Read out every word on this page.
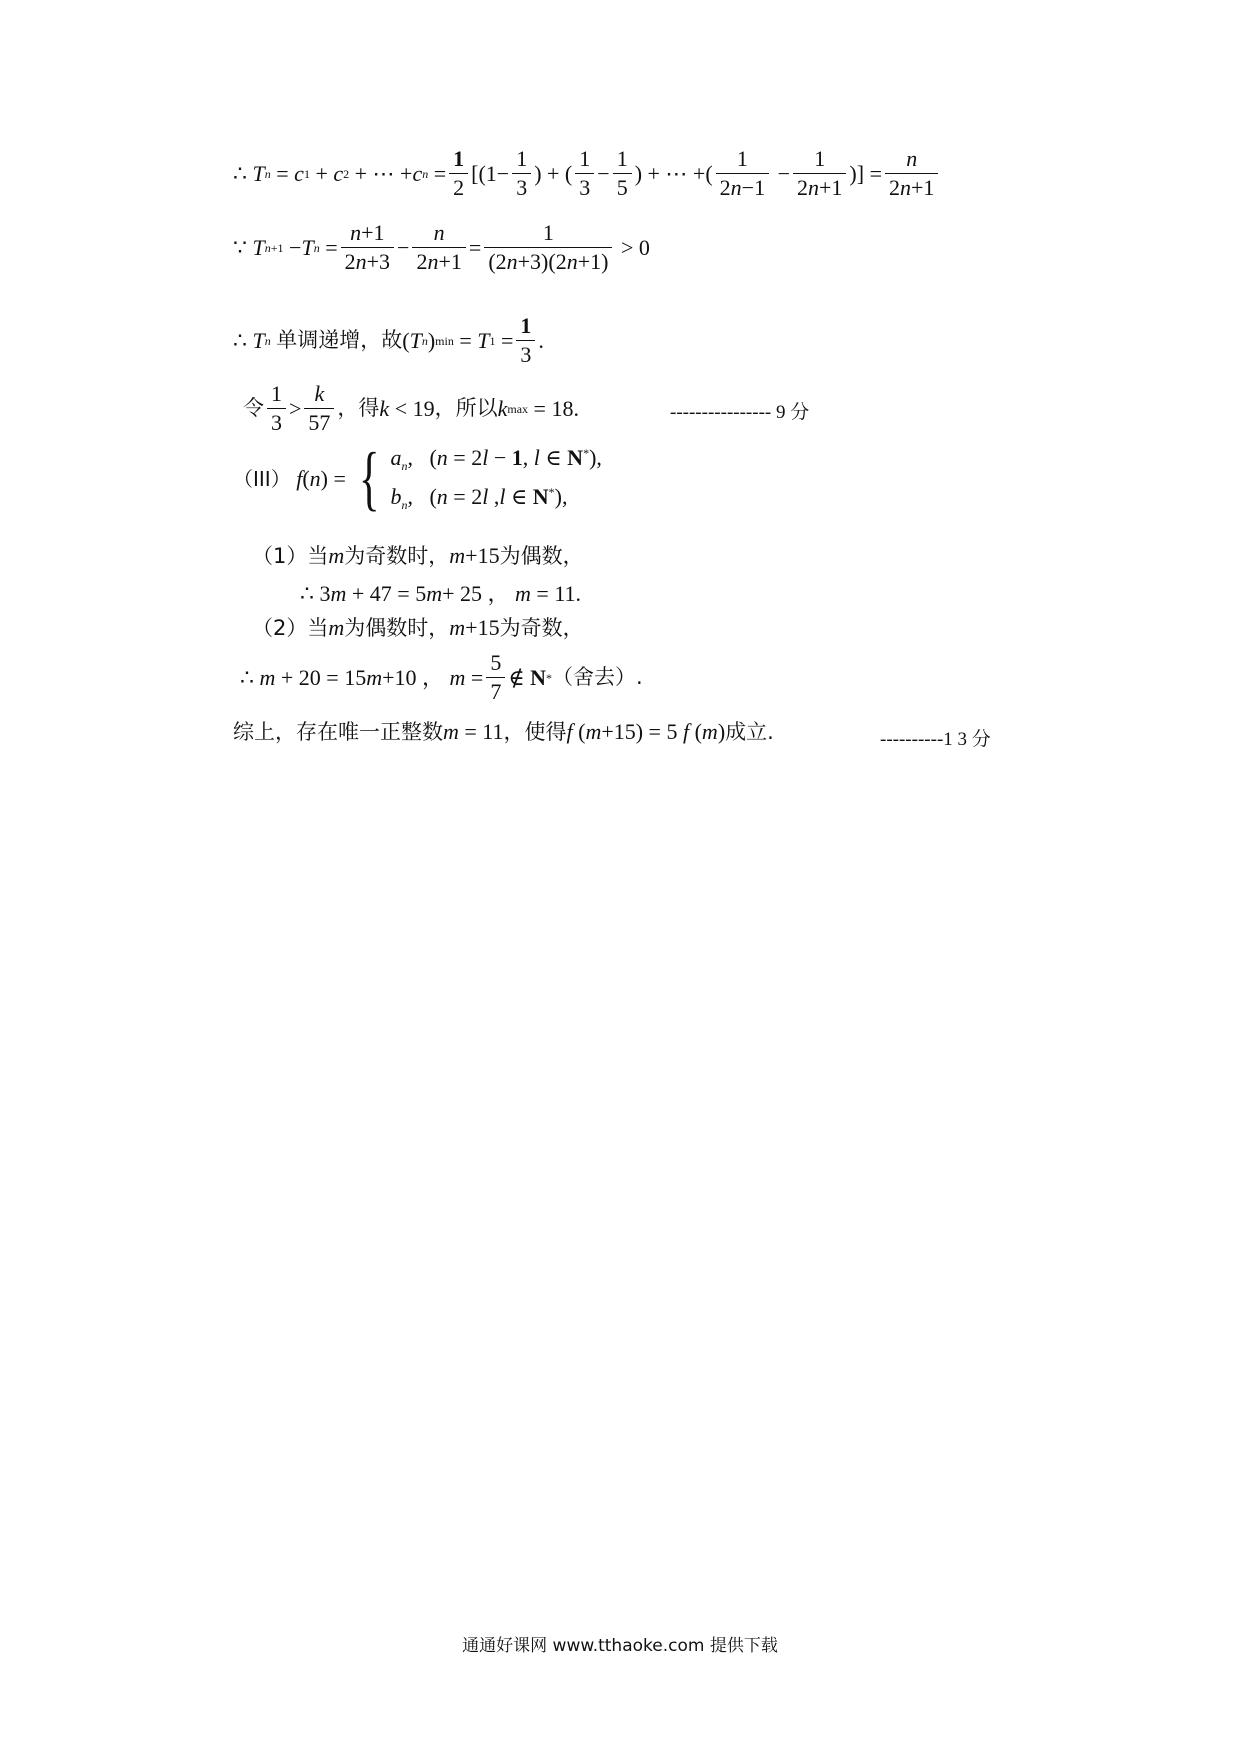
∴ T n = c 1 + c 2 + ⋯ + c $n = \frac{1}{2} [(1- \frac{1}{3}$ ) + ( $\frac{1}{3} - \frac{1}{5}$ ) + ⋯ +( $\frac{1}{2n-1} - \frac{1}{2n+1}$ )] = $\frac{n}{2n+1}$
∵ T n+1 − T $n = \frac{n+1}{2n+3} - \frac{n}{2n+1} = \frac{1}{(2n+3)(2n+1)} > 0$
∴ T n
单调递增，故 ( T n ) min = T $1 = \frac{1}{3}$ .
令 $\frac{1}{3} > \frac{k}{57}$ ，得 k < 19 ，所以 k max = 18.	---------------- 9 分
（III） f ( n ) = { $a_n$,   (n = 2l − 1, l ∈ N*),
$b_n$,   (n = 2l ,l ∈ N*),
（1）当 m 为奇数时， m +15 为偶数，
∴ 3 m + 47 = 5 m + 25 ， m = 11.
（2）当 m 为偶数时， m +15 为奇数，
∴
m + 20 = 15 m +10 ， $m = \frac{5}{7}$ ∉ N * （舍去）.
综上，存在唯一正整数 m = 11 ，使得 f ( m +15) = 5 f ( m ) 成立.	----------1 3 分
通通好课网 www.tthaoke.com 提供下载
